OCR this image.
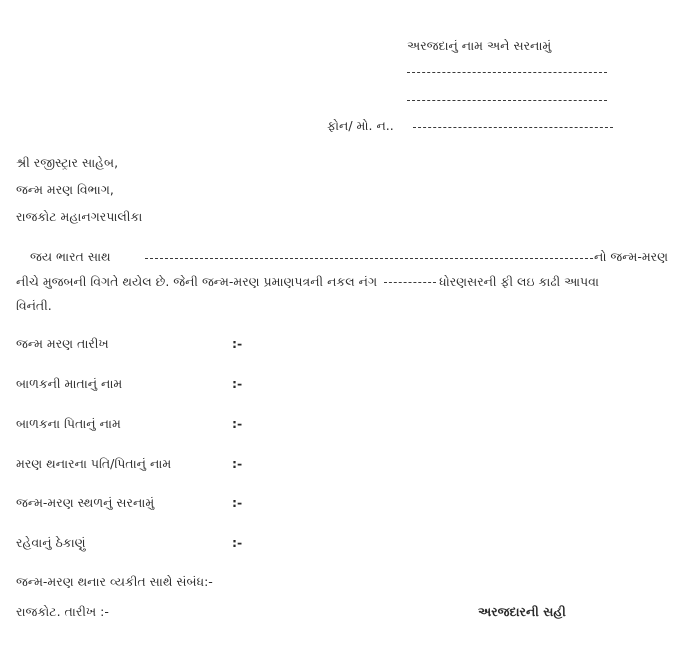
અરજદાનું નામ અને સરનામું
ફોન/ મો. ન..
શ્રી રજીસ્ટ્રાર સાહેબ,
જન્મ મરણ વિભાગ,
રાજકોટ મહાનગરપાલીકા
જય ભારત સાથ	નો જન્મ-મરણ
નીચે મુજબની વિગતે થયેલ છે. જેની જન્મ-મરણ પ્રમાણપત્રની નકલ નંગ	ધોરણસરની ફી લઇ કાઢી આપવા
વિનંતી.
જન્મ મરણ તારીખ	:-
બાળકની માતાનું નામ	:-
બાળકના પિતાનું નામ	:-
મરણ થનારના પતિ/પિતાનું નામ	:-
જન્મ-મરણ સ્થળનું સરનામું	:-
રહેવાનું ઠેકાણું	:-
જન્મ-મરણ થનાર વ્યકીત સાથે સંબંધ:-
રાજકોટ. તારીખ :-	અરજદારની સહી
